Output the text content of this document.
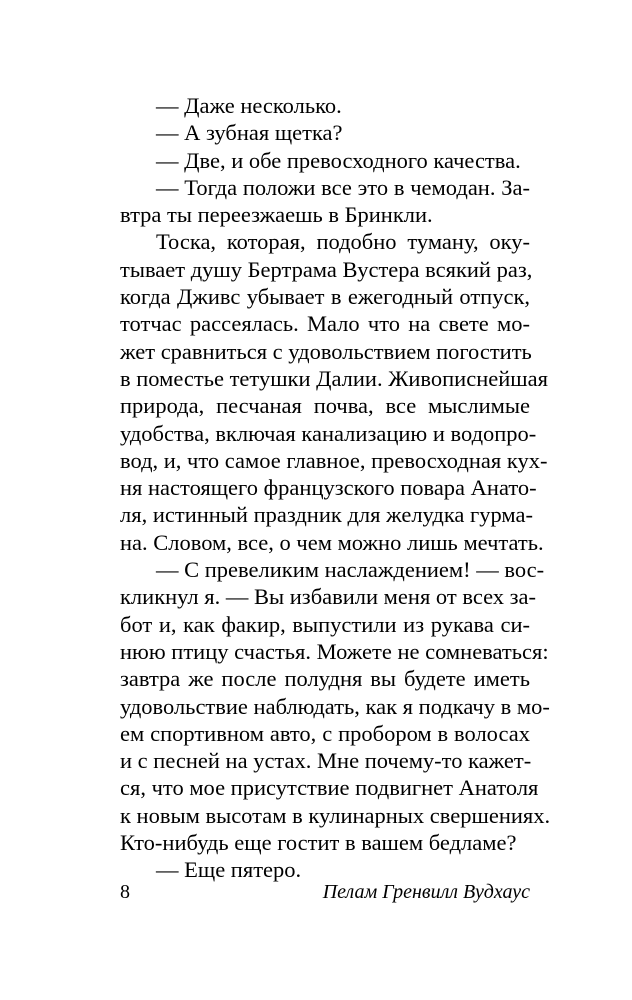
— Даже несколько.
— А зубная щетка?
— Две, и обе превосходного качества.
— Тогда положи все это в чемодан. За-
втра ты переезжаешь в Бринкли.
Тоска, которая, подобно туману, оку-
тывает душу Бертрама Вустера всякий раз,
когда Дживс убывает в ежегодный отпуск,
тотчас рассеялась. Мало что на свете мо-
жет сравниться с удовольствием погостить
в поместье тетушки Далии. Живописнейшая
природа, песчаная почва, все мыслимые
удобства, включая канализацию и водопро-
вод, и, что самое главное, превосходная кух-
ня настоящего французского повара Анато-
ля, истинный праздник для желудка гурма-
на. Словом, все, о чем можно лишь мечтать.
— С превеликим наслаждением! — вос-
кликнул я. — Вы избавили меня от всех за-
бот и, как факир, выпустили из рукава си-
нюю птицу счастья. Можете не сомневаться:
завтра же после полудня вы будете иметь
удовольствие наблюдать, как я подкачу в мо-
ем спортивном авто, с пробором в волосах
и с песней на устах. Мне почему-то кажет-
ся, что мое присутствие подвигнет Анатоля
к новым высотам в кулинарных свершениях.
Кто-нибудь еще гостит в вашем бедламе?
— Еще пятеро.
8	Пелам Гренвилл Вудхаус
